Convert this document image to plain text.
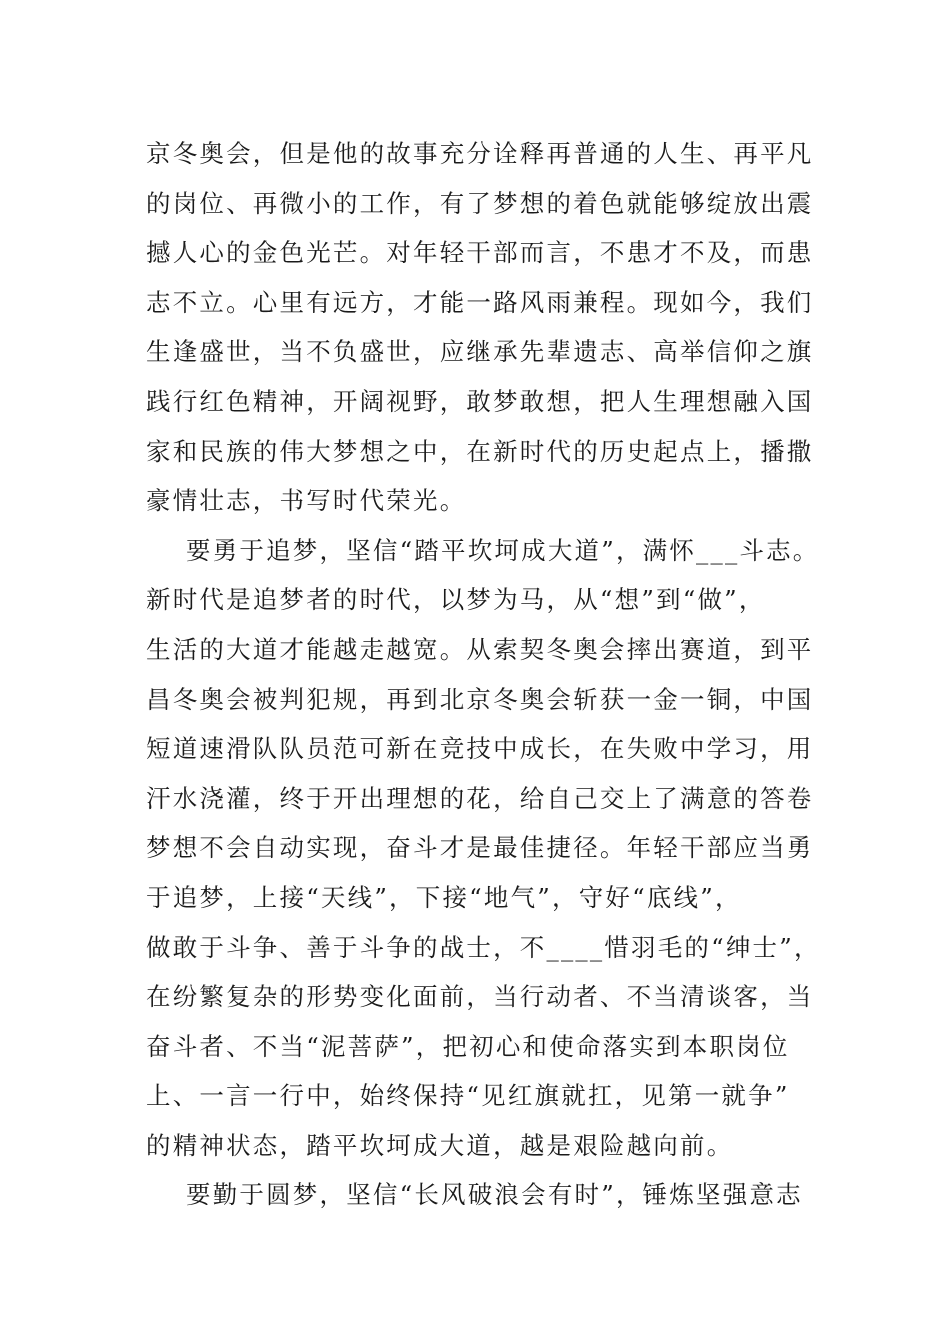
京冬奥会，但是他的故事充分诠释再普通的人生、再平凡
的岗位、再微小的工作，有了梦想的着色就能够绽放出震
撼人心的金色光芒。对年轻干部而言，不患才不及，而患
志不立。心里有远方，才能一路风雨兼程。现如今，我们
生逢盛世，当不负盛世，应继承先辈遗志、高举信仰之旗
践行红色精神，开阔视野，敢梦敢想，把人生理想融入国
家和民族的伟大梦想之中，在新时代的历史起点上，播撒
豪情壮志，书写时代荣光。
要勇于追梦，坚信“踏平坎坷成大道”，满怀___斗志。
新时代是追梦者的时代，以梦为马，从“想”到“做”，
生活的大道才能越走越宽。从索契冬奥会摔出赛道，到平
昌冬奥会被判犯规，再到北京冬奥会斩获一金一铜，中国
短道速滑队队员范可新在竞技中成长，在失败中学习，用
汗水浇灌，终于开出理想的花，给自己交上了满意的答卷
梦想不会自动实现，奋斗才是最佳捷径。年轻干部应当勇
于追梦，上接“天线”，下接“地气”，守好“底线”，
做敢于斗争、善于斗争的战士，不____惜羽毛的“绅士”，
在纷繁复杂的形势变化面前，当行动者、不当清谈客，当
奋斗者、不当“泥菩萨”，把初心和使命落实到本职岗位
上、一言一行中，始终保持“见红旗就扛，见第一就争”
的精神状态，踏平坎坷成大道，越是艰险越向前。
要勤于圆梦，坚信“长风破浪会有时”，锤炼坚强意志
